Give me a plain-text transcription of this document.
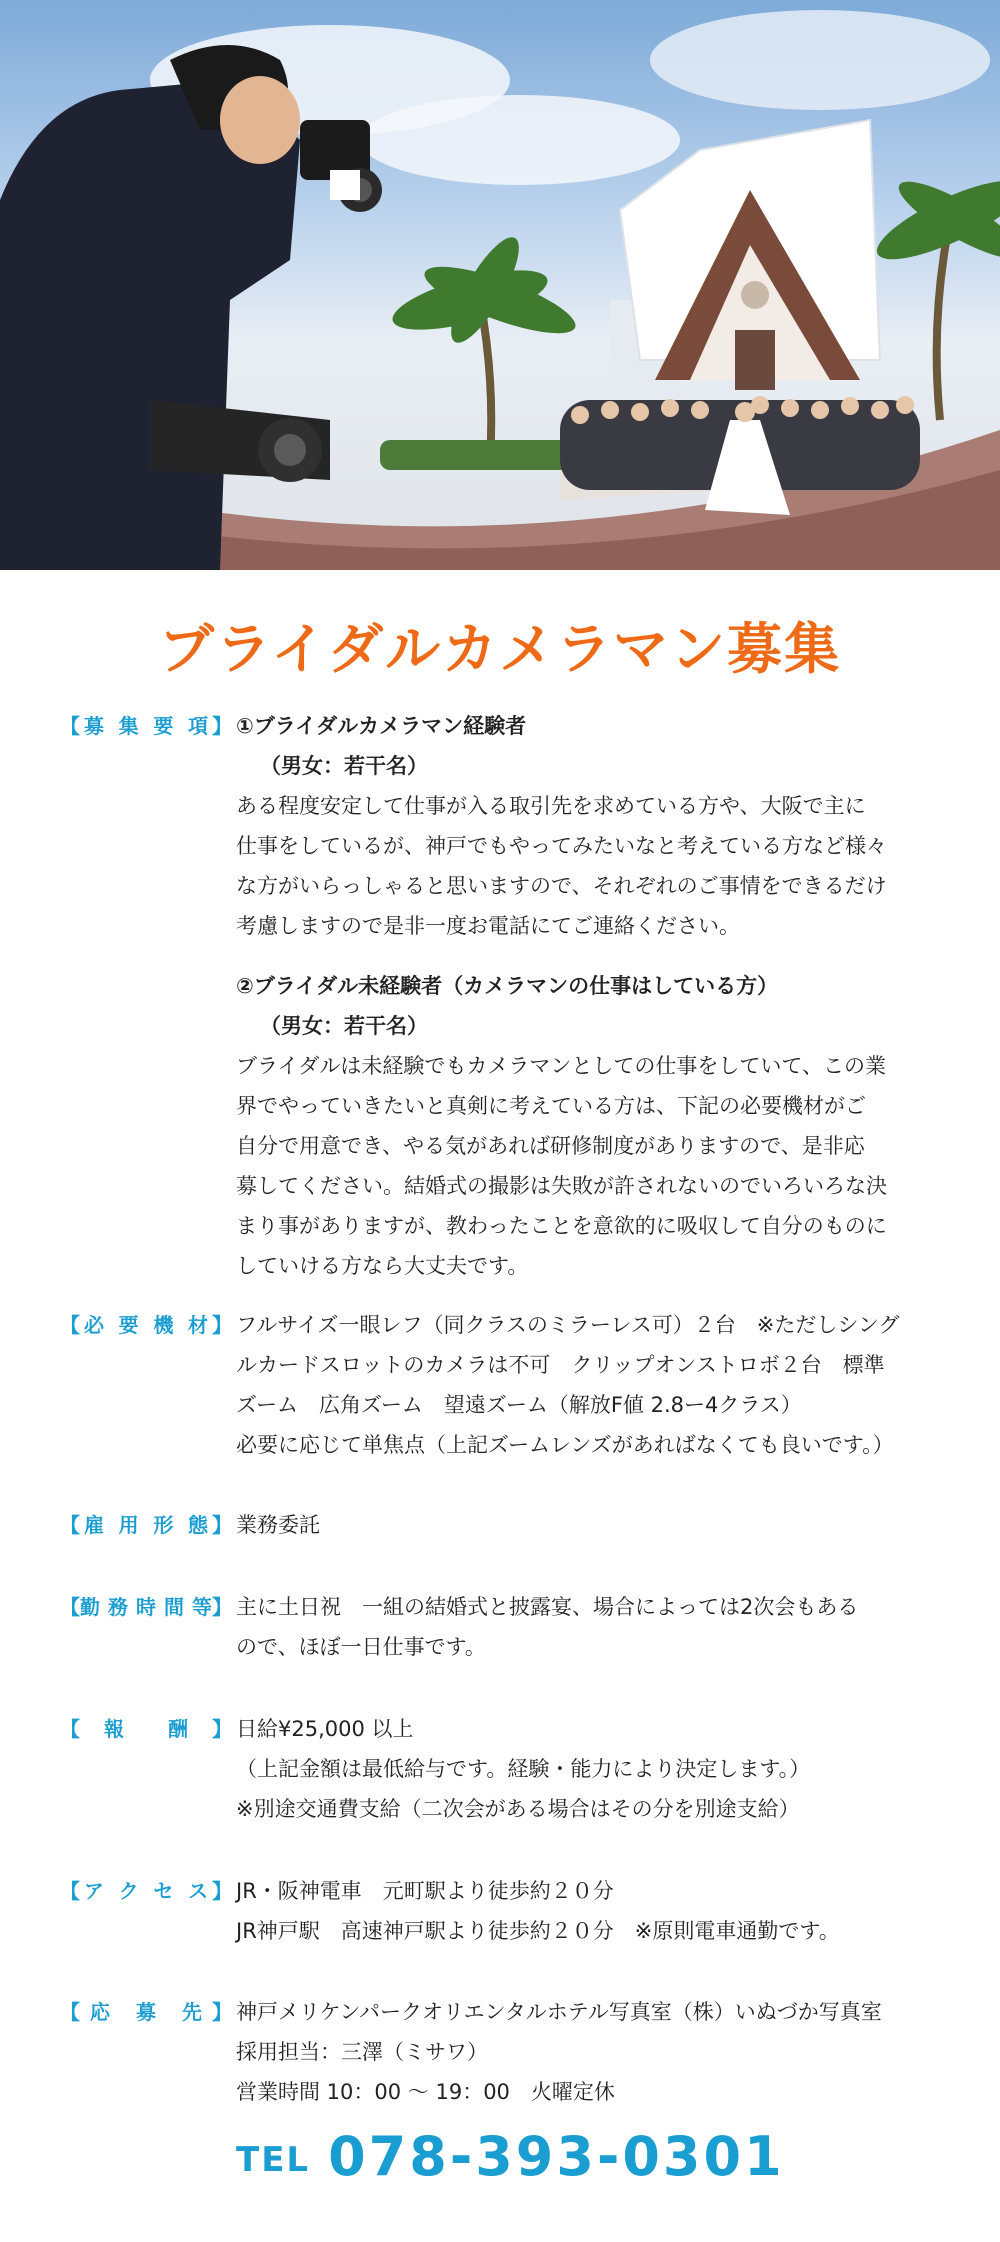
ブライダルカメラマン募集
【 募 集 要 項 】 ①ブライダルカメラマン経験者
（男女：若干名）
ある程度安定して仕事が入る取引先を求めている方や、大阪で主に
仕事をしているが、神戸でもやってみたいなと考えている方など様々
な方がいらっしゃると思いますので、それぞれのご事情をできるだけ
考慮しますので是非一度お電話にてご連絡ください。
②ブライダル未経験者（カメラマンの仕事はしている方）
（男女：若干名）
ブライダルは未経験でもカメラマンとしての仕事をしていて、この業
界でやっていきたいと真剣に考えている方は、下記の必要機材がご
自分で用意でき、やる気があれば研修制度がありますので、是非応
募してください。結婚式の撮影は失敗が許されないのでいろいろな決
まり事がありますが、教わったことを意欲的に吸収して自分のものに
していける方なら大丈夫です。
【 必 要 機 材 】 フルサイズ一眼レフ（同クラスのミラーレス可）２台　※ただしシング
ルカードスロットのカメラは不可　クリップオンストロボ２台　標準
ズーム　広角ズーム　望遠ズーム（解放F値 2.8ー4クラス）
必要に応じて単焦点（上記ズームレンズがあればなくても良いです。）
【 雇 用 形 態 】 業務委託
【 勤 務 時 間 等 】 主に土日祝　一組の結婚式と披露宴、場合によっては2次会もある
ので、ほぼ一日仕事です。
【 報 酬 】 日給¥25,000 以上
（上記金額は最低給与です。経験・能力により決定します。）
※別途交通費支給（二次会がある場合はその分を別途支給）
【 ア ク セ ス 】 JR・阪神電車　元町駅より徒歩約２０分
JR神戸駅　高速神戸駅より徒歩約２０分　※原則電車通勤です。
【 応 募 先 】 神戸メリケンパークオリエンタルホテル写真室（株）いぬづか写真室
採用担当：三澤（ミサワ）
営業時間 10：00 〜 19：00　火曜定休
TEL 078-393-0301
